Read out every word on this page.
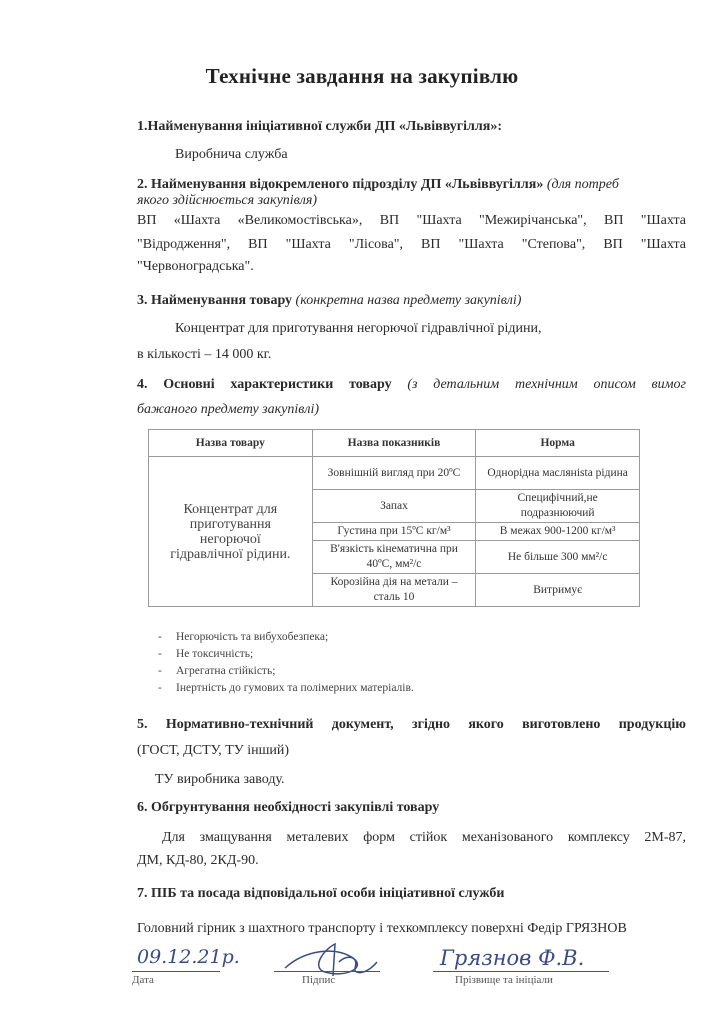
Технічне завдання на закупівлю
1.Найменування ініціативної служби ДП «Львіввугілля»:
Виробнича служба
2. Найменування відокремленого підрозділу ДП «Львіввугілля» (для потреб
якого здійснюється закупівля)
ВП «Шахта «Великомостівська», ВП "Шахта "Межирічанська", ВП "Шахта
"Відродження", ВП "Шахта "Лісова", ВП "Шахта "Степова", ВП "Шахта
"Червоноградська".
3. Найменування товару (конкретна назва предмету закупівлі)
Концентрат для приготування негорючої гідравлічної рідини,
в кількості – 14 000 кг.
4. Основні характеристики товару (з детальним технічним описом вимог
бажаного предмету закупівлі)
Назва товару	Назва показників	Норма

Концентрат для
приготування
негорючої
гідравлічної рідини.	Зовнішній вигляд при 20ºС	Однорідна маслянista рідина
	Запах	Специфічний,не подразнюючий
	Густина при 15ºС кг/м³	В межах 900-1200 кг/м³
	В'язкість кінематична при 40ºС, мм²/с	Не більше 300 мм²/с
	Корозійна дія на метали – сталь 10	Витримує
- Негорючість та вибухобезпека;
- Не токсичність;
- Агрегатна стійкість;
- Інертність до гумових та полімерних матеріалів.
5. Нормативно-технічний документ, згідно якого виготовлено продукцію
(ГОСТ, ДСТУ, ТУ інший)
ТУ виробника заводу.
6. Обгрунтування необхідності закупівлі товару
Для змащування металевих форм стійок механізованого комплексу 2М-87,
ДМ, КД-80, 2КД-90.
7. ПІБ та посада відповідальної особи ініціативної служби
Головний гірник з шахтного транспорту і техкомплексу поверхні Федір ГРЯЗНОВ
09.12.21р.	Грязнов Ф.В.
Дата	Підпис	Прізвище та ініціали
